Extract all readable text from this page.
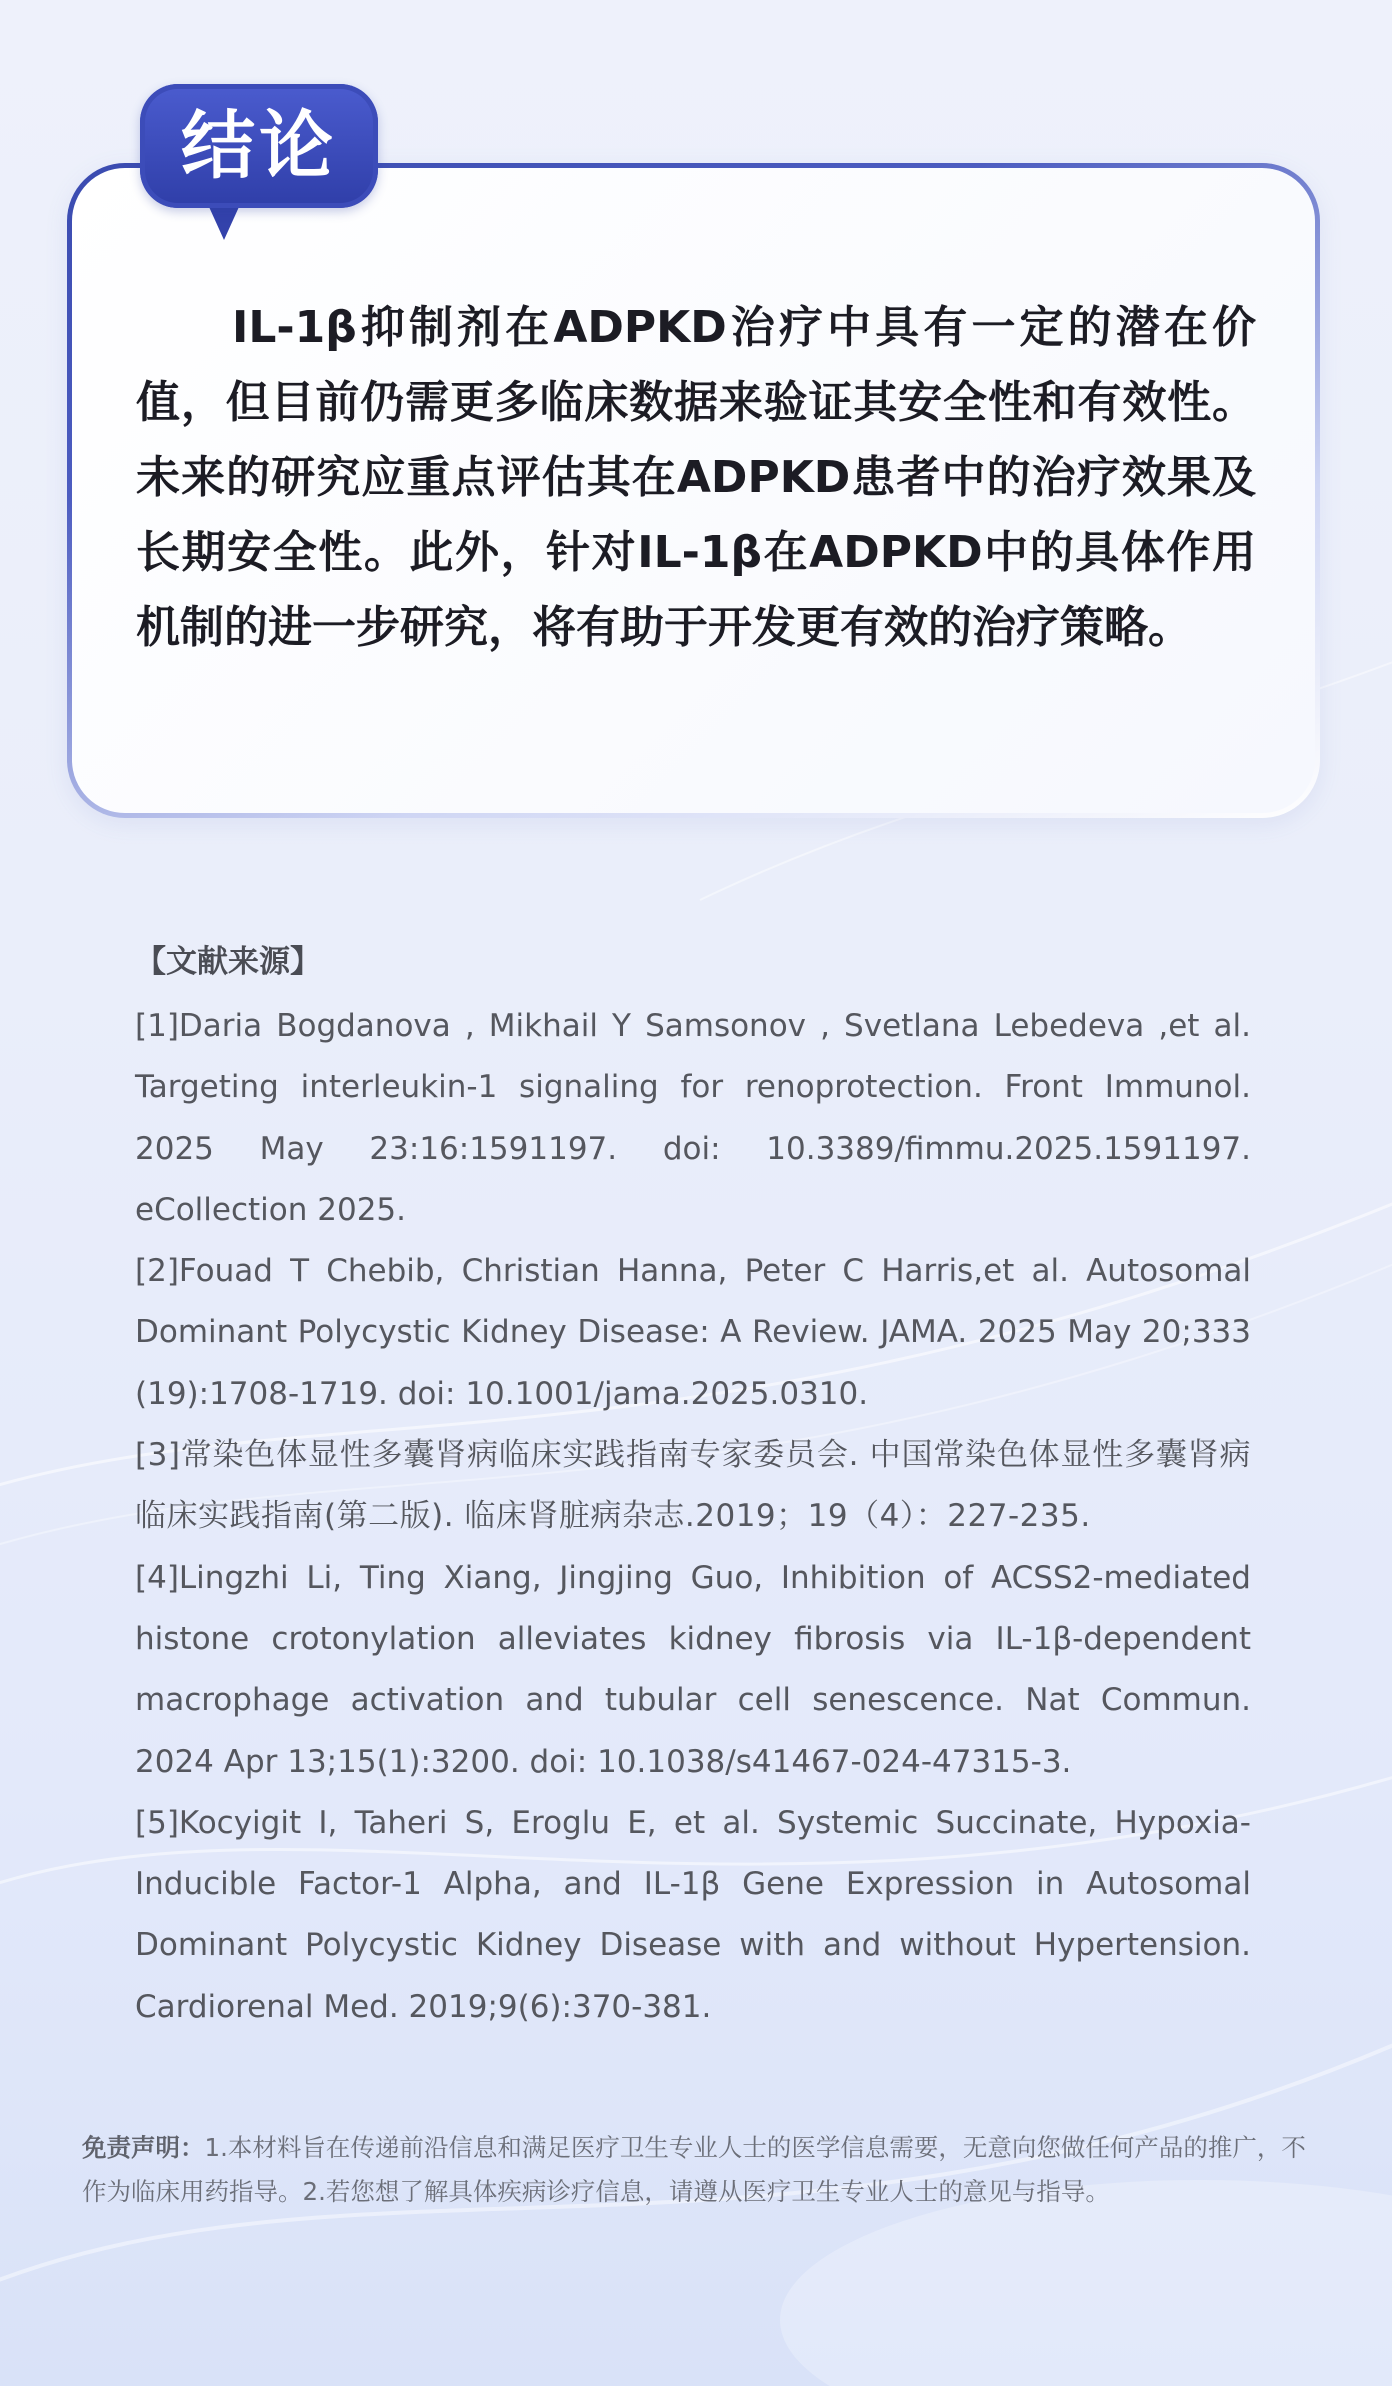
结论

IL-1β抑制剂在ADPKD治疗中具有一定的潜在价值，但目前仍需更多临床数据来验证其安全性和有效性。未来的研究应重点评估其在ADPKD患者中的治疗效果及长期安全性。此外，针对IL-1β在ADPKD中的具体作用机制的进一步研究，将有助于开发更有效的治疗策略。

【文献来源】

[1]Daria Bogdanova , Mikhail Y Samsonov , Svetlana Lebedeva ,et al. Targeting interleukin-1 signaling for renoprotection. Front Immunol. 2025 May 23:16:1591197. doi: 10.3389/fimmu.2025.1591197. eCollection 2025.

[2]Fouad T Chebib, Christian Hanna, Peter C Harris,et al. Autosomal Dominant Polycystic Kidney Disease: A Review. JAMA. 2025 May 20;333 (19):1708-1719. doi: 10.1001/jama.2025.0310.

[3]常染色体显性多囊肾病临床实践指南专家委员会. 中国常染色体显性多囊肾病临床实践指南(第二版). 临床肾脏病杂志.2019；19（4）：227-235.

[4]Lingzhi Li, Ting Xiang, Jingjing Guo, Inhibition of ACSS2-mediated histone crotonylation alleviates kidney fibrosis via IL-1β-dependent macrophage activation and tubular cell senescence. Nat Commun. 2024 Apr 13;15(1):3200. doi: 10.1038/s41467-024-47315-3.

[5]Kocyigit I, Taheri S, Eroglu E, et al. Systemic Succinate, Hypoxia-Inducible Factor-1 Alpha, and IL-1β Gene Expression in Autosomal Dominant Polycystic Kidney Disease with and without Hypertension. Cardiorenal Med. 2019;9(6):370-381.

免责声明：1.本材料旨在传递前沿信息和满足医疗卫生专业人士的医学信息需要，无意向您做任何产品的推广，不作为临床用药指导。2.若您想了解具体疾病诊疗信息，请遵从医疗卫生专业人士的意见与指导。
